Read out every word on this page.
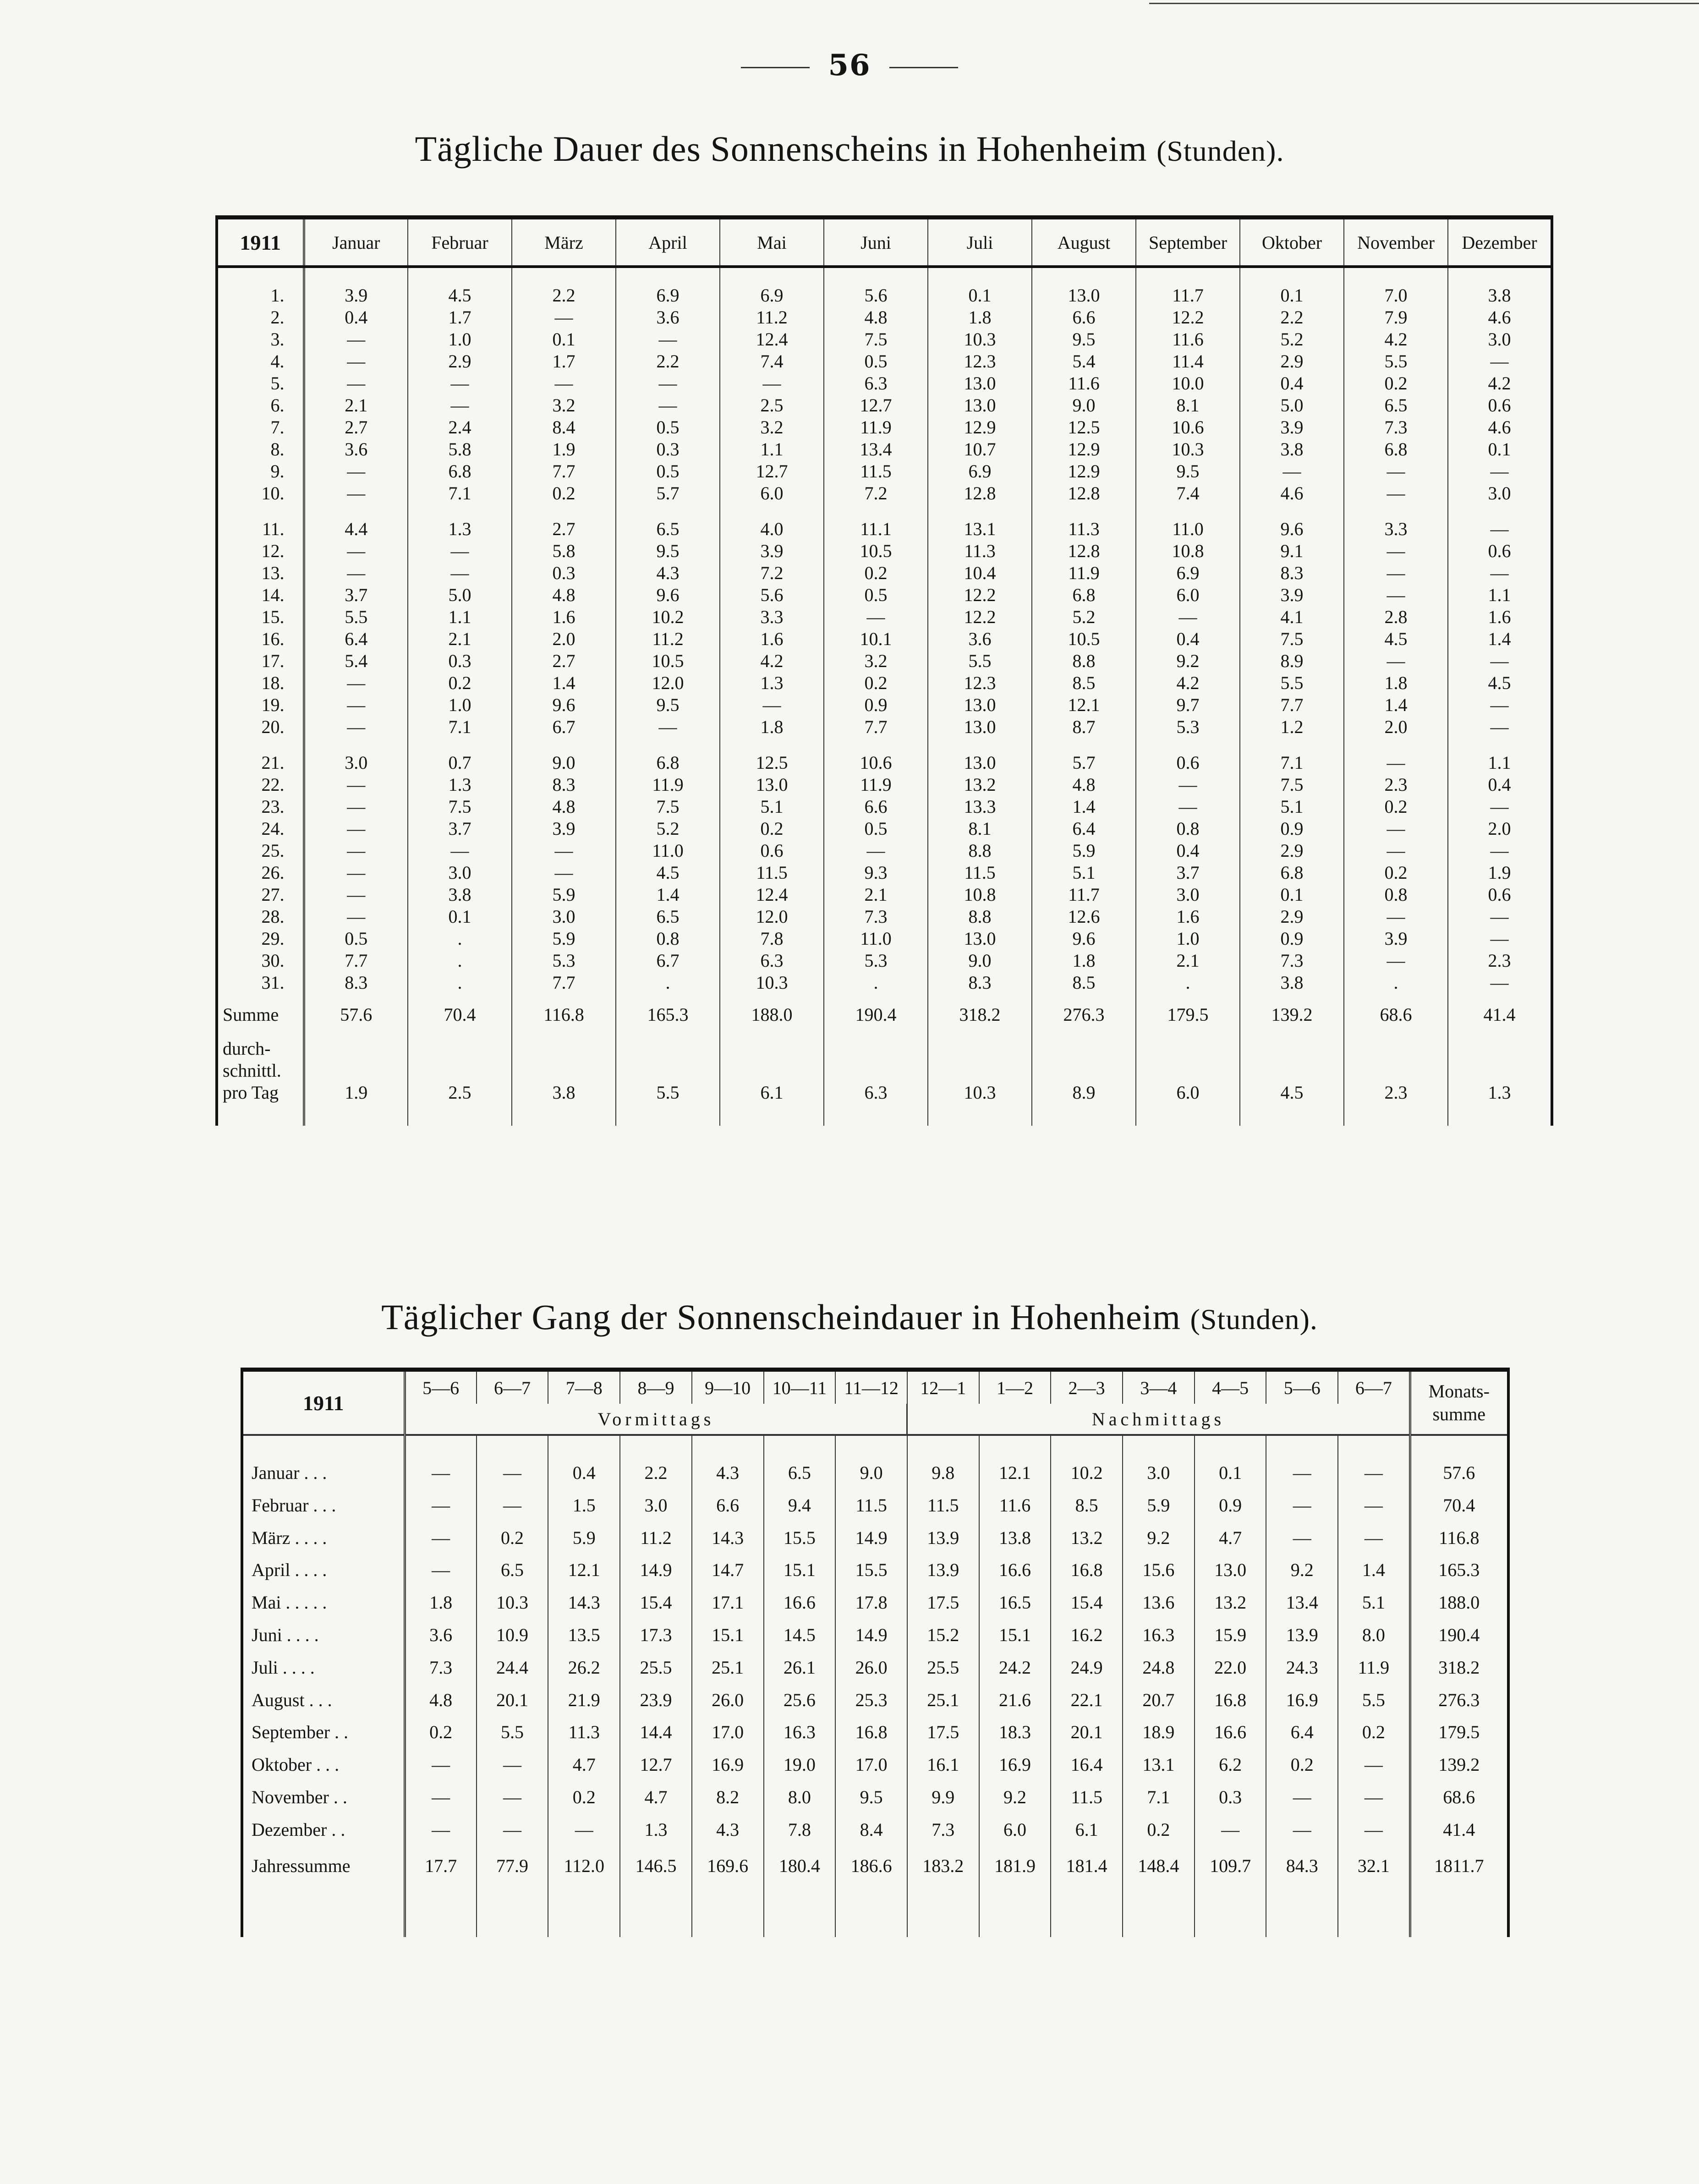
56
Tägliche Dauer des Sonnenscheins in Hohenheim (Stunden).
1911	Januar	Februar	März	April	Mai	Juni	Juli	August	September	Oktober	November	Dezember

1.	3.9	4.5	2.2	6.9	6.9	5.6	0.1	13.0	11.7	0.1	7.0	3.8
2.	0.4	1.7	—	3.6	11.2	4.8	1.8	6.6	12.2	2.2	7.9	4.6
3.	—	1.0	0.1	—	12.4	7.5	10.3	9.5	11.6	5.2	4.2	3.0
4.	—	2.9	1.7	2.2	7.4	0.5	12.3	5.4	11.4	2.9	5.5	—
5.	—	—	—	—	—	6.3	13.0	11.6	10.0	0.4	0.2	4.2
6.	2.1	—	3.2	—	2.5	12.7	13.0	9.0	8.1	5.0	6.5	0.6
7.	2.7	2.4	8.4	0.5	3.2	11.9	12.9	12.5	10.6	3.9	7.3	4.6
8.	3.6	5.8	1.9	0.3	1.1	13.4	10.7	12.9	10.3	3.8	6.8	0.1
9.	—	6.8	7.7	0.5	12.7	11.5	6.9	12.9	9.5	—	—	—
10.	—	7.1	0.2	5.7	6.0	7.2	12.8	12.8	7.4	4.6	—	3.0

11.	4.4	1.3	2.7	6.5	4.0	11.1	13.1	11.3	11.0	9.6	3.3	—
12.	—	—	5.8	9.5	3.9	10.5	11.3	12.8	10.8	9.1	—	0.6
13.	—	—	0.3	4.3	7.2	0.2	10.4	11.9	6.9	8.3	—	—
14.	3.7	5.0	4.8	9.6	5.6	0.5	12.2	6.8	6.0	3.9	—	1.1
15.	5.5	1.1	1.6	10.2	3.3	—	12.2	5.2	—	4.1	2.8	1.6
16.	6.4	2.1	2.0	11.2	1.6	10.1	3.6	10.5	0.4	7.5	4.5	1.4
17.	5.4	0.3	2.7	10.5	4.2	3.2	5.5	8.8	9.2	8.9	—	—
18.	—	0.2	1.4	12.0	1.3	0.2	12.3	8.5	4.2	5.5	1.8	4.5
19.	—	1.0	9.6	9.5	—	0.9	13.0	12.1	9.7	7.7	1.4	—
20.	—	7.1	6.7	—	1.8	7.7	13.0	8.7	5.3	1.2	2.0	—

21.	3.0	0.7	9.0	6.8	12.5	10.6	13.0	5.7	0.6	7.1	—	1.1
22.	—	1.3	8.3	11.9	13.0	11.9	13.2	4.8	—	7.5	2.3	0.4
23.	—	7.5	4.8	7.5	5.1	6.6	13.3	1.4	—	5.1	0.2	—
24.	—	3.7	3.9	5.2	0.2	0.5	8.1	6.4	0.8	0.9	—	2.0
25.	—	—	—	11.0	0.6	—	8.8	5.9	0.4	2.9	—	—
26.	—	3.0	—	4.5	11.5	9.3	11.5	5.1	3.7	6.8	0.2	1.9
27.	—	3.8	5.9	1.4	12.4	2.1	10.8	11.7	3.0	0.1	0.8	0.6
28.	—	0.1	3.0	6.5	12.0	7.3	8.8	12.6	1.6	2.9	—	—
29.	0.5	.	5.9	0.8	7.8	11.0	13.0	9.6	1.0	0.9	3.9	—
30.	7.7	.	5.3	6.7	6.3	5.3	9.0	1.8	2.1	7.3	—	2.3
31.	8.3	.	7.7	.	10.3	.	8.3	8.5	.	3.8	.	—
Summe	57.6	70.4	116.8	165.3	188.0	190.4	318.2	276.3	179.5	139.2	68.6	41.4

durch-
schnittl.
pro Tag	1.9	2.5	3.8	5.5	6.1	6.3	10.3	8.9	6.0	4.5	2.3	1.3

Täglicher Gang der Sonnenscheindauer in Hohenheim (Stunden).
1911	5—6	6—7	7—8	8—9	9—10	10—11	11—12	12—1	1—2	2—3	3—4	4—5	5—6	6—7	Monats-
summe

	Vormittags							Nachmittags							

Januar . . .	—	—	0.4	2.2	4.3	6.5	9.0	9.8	12.1	10.2	3.0	0.1	—	—	57.6
Februar . . .	—	—	1.5	3.0	6.6	9.4	11.5	11.5	11.6	8.5	5.9	0.9	—	—	70.4
März . . . .	—	0.2	5.9	11.2	14.3	15.5	14.9	13.9	13.8	13.2	9.2	4.7	—	—	116.8
April . . . .	—	6.5	12.1	14.9	14.7	15.1	15.5	13.9	16.6	16.8	15.6	13.0	9.2	1.4	165.3
Mai . . . . .	1.8	10.3	14.3	15.4	17.1	16.6	17.8	17.5	16.5	15.4	13.6	13.2	13.4	5.1	188.0
Juni . . . .	3.6	10.9	13.5	17.3	15.1	14.5	14.9	15.2	15.1	16.2	16.3	15.9	13.9	8.0	190.4
Juli . . . .	7.3	24.4	26.2	25.5	25.1	26.1	26.0	25.5	24.2	24.9	24.8	22.0	24.3	11.9	318.2
August . . .	4.8	20.1	21.9	23.9	26.0	25.6	25.3	25.1	21.6	22.1	20.7	16.8	16.9	5.5	276.3
September . .	0.2	5.5	11.3	14.4	17.0	16.3	16.8	17.5	18.3	20.1	18.9	16.6	6.4	0.2	179.5
Oktober . . .	—	—	4.7	12.7	16.9	19.0	17.0	16.1	16.9	16.4	13.1	6.2	0.2	—	139.2
November . .	—	—	0.2	4.7	8.2	8.0	9.5	9.9	9.2	11.5	7.1	0.3	—	—	68.6
Dezember . .	—	—	—	1.3	4.3	7.8	8.4	7.3	6.0	6.1	0.2	—	—	—	41.4
Jahressumme	17.7	77.9	112.0	146.5	169.6	180.4	186.6	183.2	181.9	181.4	148.4	109.7	84.3	32.1	1811.7
